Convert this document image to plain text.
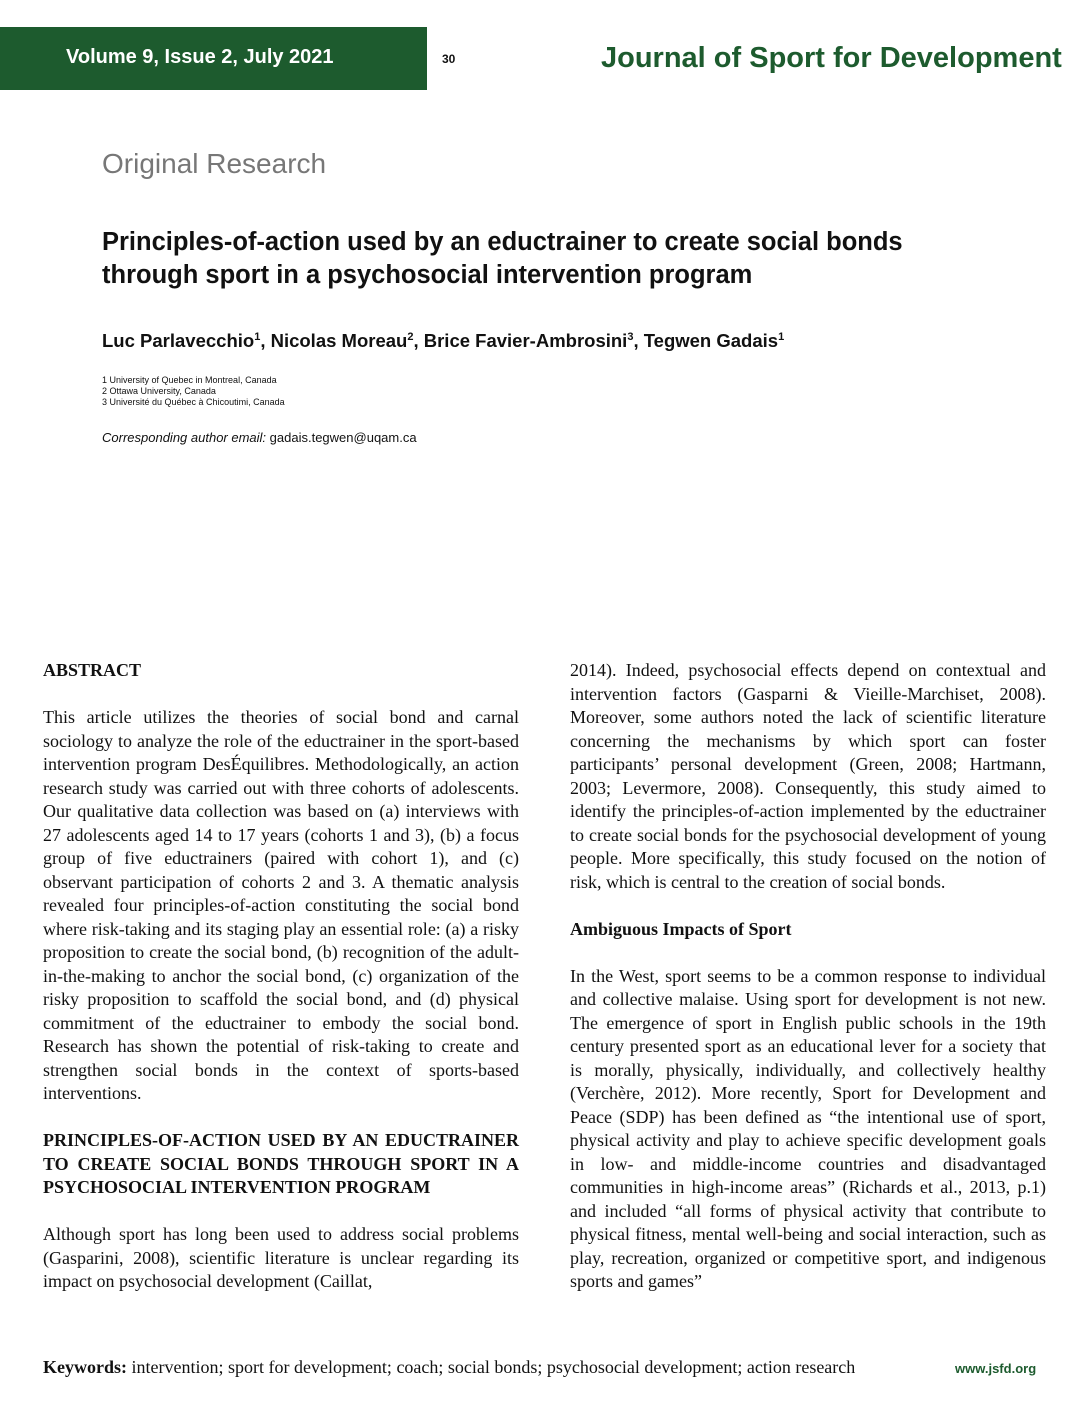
Volume 9, Issue 2, July 2021	30	Journal of Sport for Development
Original Research
Principles-of-action used by an eductrainer to create social bonds through sport in a psychosocial intervention program
Luc Parlavecchio$^1$, Nicolas Moreau$^2$, Brice Favier-Ambrosini$^3$, Tegwen Gadais$^1$
1 University of Quebec in Montreal, Canada
2 Ottawa University, Canada
3 Université du Québec à Chicoutimi, Canada
Corresponding author email: gadais.tegwen@uqam.ca
ABSTRACT

This article utilizes the theories of social bond and carnal sociology to analyze the role of the eductrainer in the sport-based intervention program DesÉquilibres. Methodologically, an action research study was carried out with three cohorts of adolescents. Our qualitative data collection was based on (a) interviews with 27 adolescents aged 14 to 17 years (cohorts 1 and 3), (b) a focus group of five eductrainers (paired with cohort 1), and (c) observant participation of cohorts 2 and 3. A thematic analysis revealed four principles-of-action constituting the social bond where risk-taking and its staging play an essential role: (a) a risky proposition to create the social bond, (b) recognition of the adult-in-the-making to anchor the social bond, (c) organization of the risky proposition to scaffold the social bond, and (d) physical commitment of the eductrainer to embody the social bond. Research has shown the potential of risk-taking to create and strengthen social bonds in the context of sports-based interventions.

PRINCIPLES-OF-ACTION USED BY AN EDUCTRAINER TO CREATE SOCIAL BONDS THROUGH SPORT IN A PSYCHOSOCIAL INTERVENTION PROGRAM

Although sport has long been used to address social problems (Gasparini, 2008), scientific literature is unclear regarding its impact on psychosocial development (Caillat,

2014). Indeed, psychosocial effects depend on contextual and intervention factors (Gasparni & Vieille-Marchiset, 2008). Moreover, some authors noted the lack of scientific literature concerning the mechanisms by which sport can foster participants’ personal development (Green, 2008; Hartmann, 2003; Levermore, 2008). Consequently, this study aimed to identify the principles-of-action implemented by the eductrainer to create social bonds for the psychosocial development of young people. More specifically, this study focused on the notion of risk, which is central to the creation of social bonds.

Ambiguous Impacts of Sport

In the West, sport seems to be a common response to individual and collective malaise. Using sport for development is not new. The emergence of sport in English public schools in the 19th century presented sport as an educational lever for a society that is morally, physically, individually, and collectively healthy (Verchère, 2012). More recently, Sport for Development and Peace (SDP) has been defined as “the intentional use of sport, physical activity and play to achieve specific development goals in low- and middle-income countries and disadvantaged communities in high-income areas” (Richards et al., 2013, p.1) and included “all forms of physical activity that contribute to physical fitness, mental well-being and social interaction, such as play, recreation, organized or competitive sport, and indigenous sports and games”

Keywords: intervention; sport for development; coach; social bonds; psychosocial development; action research	www.jsfd.org
